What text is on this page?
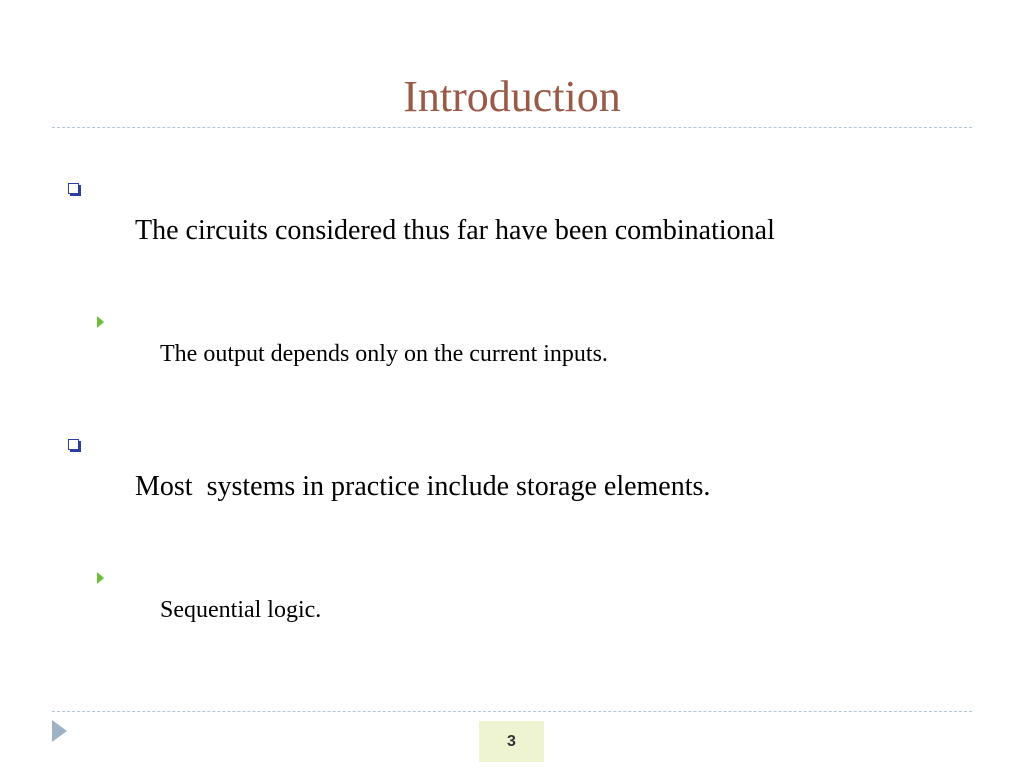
Introduction

The circuits considered thus far have been combinational

The output depends only on the current inputs.

Most  systems in practice include storage elements.

Sequential logic.

3
